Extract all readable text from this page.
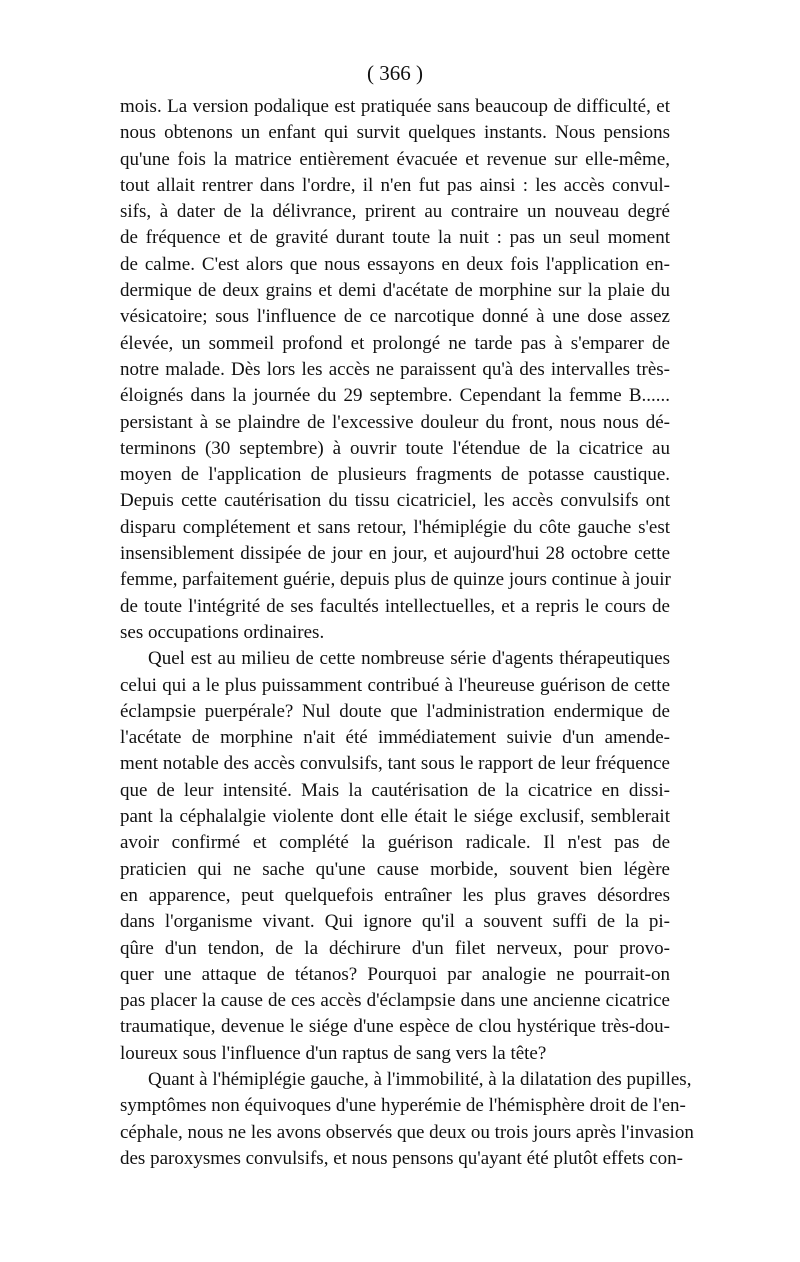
( 366 )
mois. La version podalique est pratiquée sans beaucoup de difficulté, et
nous obtenons un enfant qui survit quelques instants. Nous pensions
qu'une fois la matrice entièrement évacuée et revenue sur elle-même,
tout allait rentrer dans l'ordre, il n'en fut pas ainsi : les accès convul-
sifs, à dater de la délivrance, prirent au contraire un nouveau degré
de fréquence et de gravité durant toute la nuit : pas un seul moment
de calme. C'est alors que nous essayons en deux fois l'application en-
dermique de deux grains et demi d'acétate de morphine sur la plaie du
vésicatoire; sous l'influence de ce narcotique donné à une dose assez
élevée, un sommeil profond et prolongé ne tarde pas à s'emparer de
notre malade. Dès lors les accès ne paraissent qu'à des intervalles très-
éloignés dans la journée du 29 septembre. Cependant la femme B......
persistant à se plaindre de l'excessive douleur du front, nous nous dé-
terminons (30 septembre) à ouvrir toute l'étendue de la cicatrice au
moyen de l'application de plusieurs fragments de potasse caustique.
Depuis cette cautérisation du tissu cicatriciel, les accès convulsifs ont
disparu complétement et sans retour, l'hémiplégie du côte gauche s'est
insensiblement dissipée de jour en jour, et aujourd'hui 28 octobre cette
femme, parfaitement guérie, depuis plus de quinze jours continue à jouir
de toute l'intégrité de ses facultés intellectuelles, et a repris le cours de
ses occupations ordinaires.
Quel est au milieu de cette nombreuse série d'agents thérapeutiques
celui qui a le plus puissamment contribué à l'heureuse guérison de cette
éclampsie puerpérale? Nul doute que l'administration endermique de
l'acétate de morphine n'ait été immédiatement suivie d'un amende-
ment notable des accès convulsifs, tant sous le rapport de leur fréquence
que de leur intensité. Mais la cautérisation de la cicatrice en dissi-
pant la céphalalgie violente dont elle était le siége exclusif, semblerait
avoir confirmé et complété la guérison radicale. Il n'est pas de
praticien qui ne sache qu'une cause morbide, souvent bien légère
en apparence, peut quelquefois entraîner les plus graves désordres
dans l'organisme vivant. Qui ignore qu'il a souvent suffi de la pi-
qûre d'un tendon, de la déchirure d'un filet nerveux, pour provo-
quer une attaque de tétanos? Pourquoi par analogie ne pourrait-on
pas placer la cause de ces accès d'éclampsie dans une ancienne cicatrice
traumatique, devenue le siége d'une espèce de clou hystérique très-dou-
loureux sous l'influence d'un raptus de sang vers la tête?
Quant à l'hémiplégie gauche, à l'immobilité, à la dilatation des pupilles,
symptômes non équivoques d'une hyperémie de l'hémisphère droit de l'en-
céphale, nous ne les avons observés que deux ou trois jours après l'invasion
des paroxysmes convulsifs, et nous pensons qu'ayant été plutôt effets con-
